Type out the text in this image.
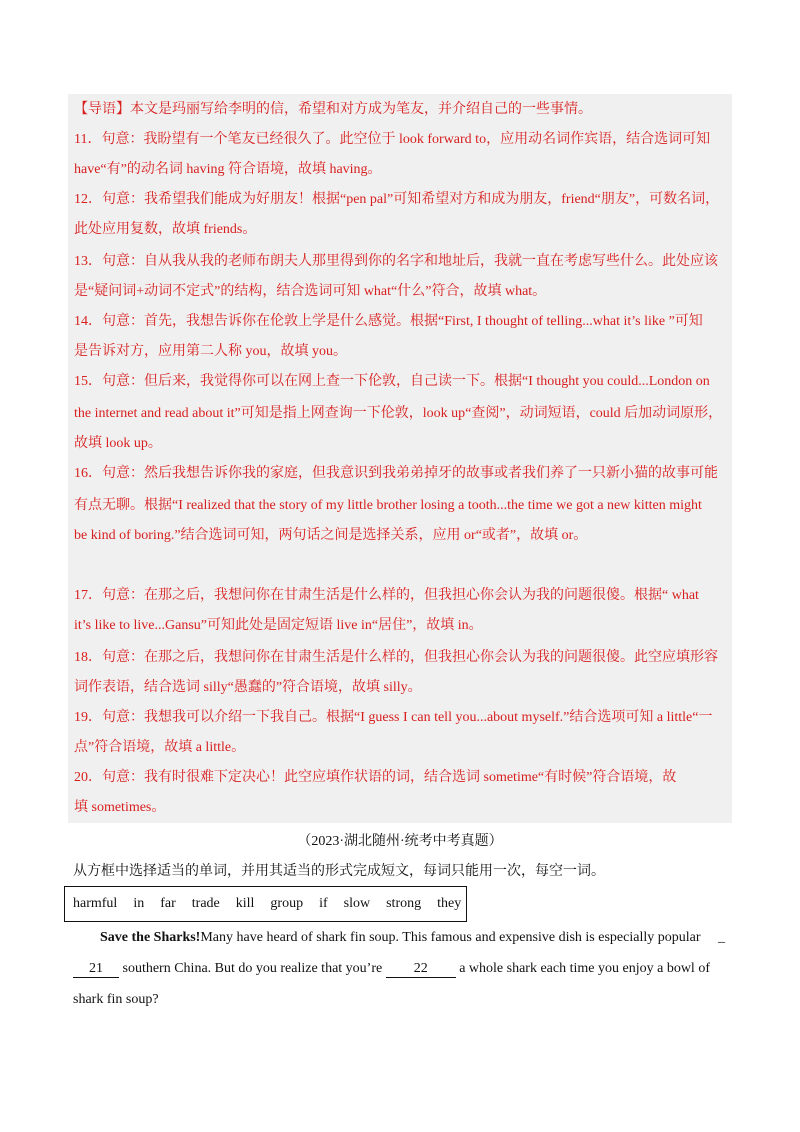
【导语】本文是玛丽写给李明的信，希望和对方成为笔友，并介绍自己的一些事情。

11．句意：我盼望有一个笔友已经很久了。此空位于 look forward to，应用动名词作宾语，结合选词可知

have“有”的动名词 having 符合语境，故填 having。

12．句意：我希望我们能成为好朋友！根据“pen pal”可知希望对方和成为朋友，friend“朋友”，可数名词，

此处应用复数，故填 friends。

13．句意：自从我从我的老师布朗夫人那里得到你的名字和地址后，我就一直在考虑写些什么。此处应该

是“疑问词+动词不定式”的结构，结合选词可知 what“什么”符合，故填 what。

14．句意：首先，我想告诉你在伦敦上学是什么感觉。根据“First, I thought of telling...what it’s like ”可知

是告诉对方，应用第二人称 you，故填 you。

15．句意：但后来，我觉得你可以在网上查一下伦敦，自己读一下。根据“I thought you could...London on

the internet and read about it”可知是指上网查询一下伦敦，look up“查阅”，动词短语，could 后加动词原形，

故填 look up。

16．句意：然后我想告诉你我的家庭，但我意识到我弟弟掉牙的故事或者我们养了一只新小猫的故事可能

有点无聊。根据“I realized that the story of my little brother losing a tooth...the time we got a new kitten might

be kind of boring.”结合选词可知，两句话之间是选择关系，应用 or“或者”，故填 or。

17．句意：在那之后，我想问你在甘肃生活是什么样的，但我担心你会认为我的问题很傻。根据“ what

it’s like to live...Gansu”可知此处是固定短语 live in“居住”，故填 in。

18．句意：在那之后，我想问你在甘肃生活是什么样的，但我担心你会认为我的问题很傻。此空应填形容

词作表语，结合选词 silly“愚蠢的”符合语境，故填 silly。

19．句意：我想我可以介绍一下我自己。根据“I guess I can tell you...about myself.”结合选项可知 a little“一

点”符合语境，故填 a little。

20．句意：我有时很难下定决心！此空应填作状语的词，结合选词 sometime“有时候”符合语境，故

填 sometimes。

（2023·湖北随州·统考中考真题）
从方框中选择适当的单词，并用其适当的形式完成短文，每词只能用一次，每空一词。
harmful in far trade kill group if slow strong they

Save the Sharks!Many have heard of shark fin soup. This famous and expensive dish is especially popular _

21 southern China. But do you realize that you’re 22 a whole shark each time you enjoy a bowl of

shark fin soup?
